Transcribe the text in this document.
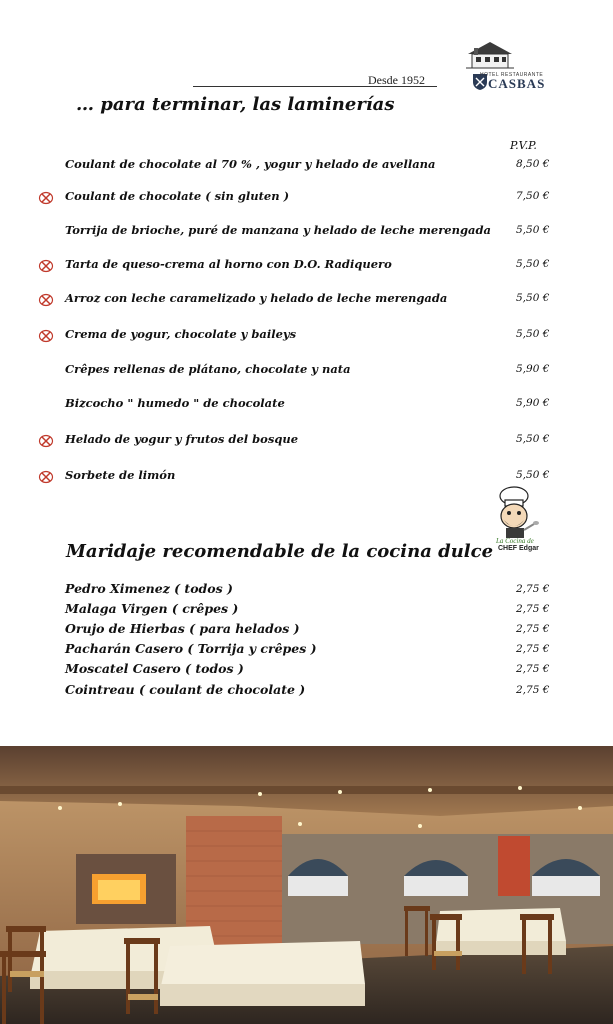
Desde 1952	HOTEL RESTAURANTE
CASBAS
… para terminar, las laminerías
P.V.P.
Coulant de chocolate al 70 % , yogur y helado de avellana	8,50 €
Coulant de chocolate ( sin gluten )	7,50 €
Torrija de brioche, puré de manzana y helado de leche merengada 5,50 €
Tarta de queso-crema al horno con D.O. Radiquero	5,50 €
Arroz con leche caramelizado y helado de leche merengada	5,50 €
Crema de yogur, chocolate y baileys	5,50 €
Crêpes rellenas de plátano, chocolate y nata	5,90 €
Bizcocho " humedo " de chocolate	5,90 €
Helado de yogur y frutos del bosque	5,50 €
Sorbete de limón	5,50 €
La Cocina de
CHEF Edgar
Maridaje recomendable de la cocina dulce
Pedro Ximenez ( todos )	2,75 €
Malaga Virgen ( crêpes )	2,75 €
Orujo de Hierbas ( para helados )	2,75 €
Pacharán Casero ( Torrija y crêpes )	2,75 €
Moscatel Casero ( todos )	2,75 €
Cointreau ( coulant de chocolate )	2,75 €
